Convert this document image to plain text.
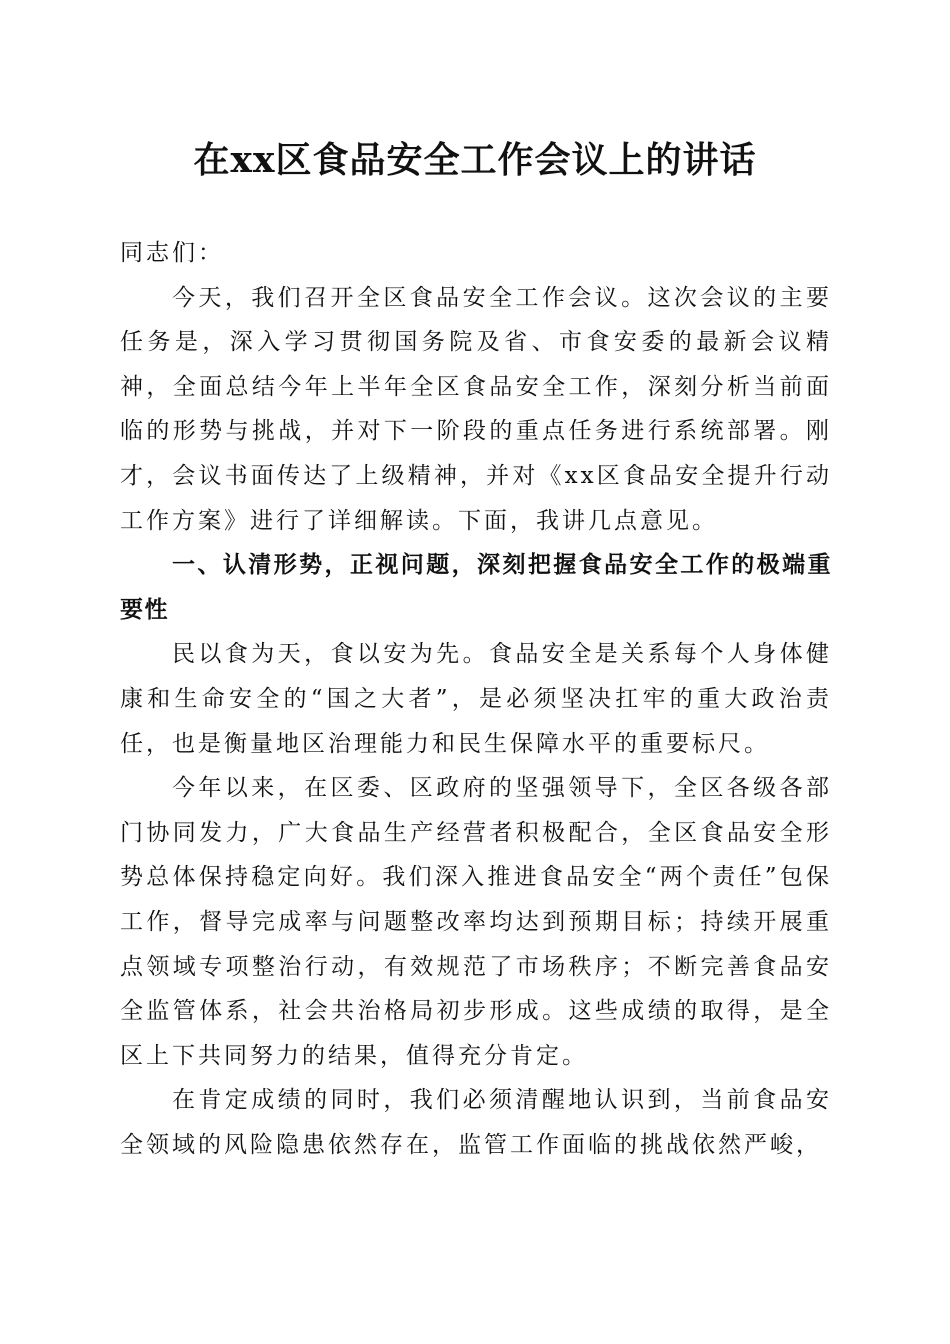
在xx区食品安全工作会议上的讲话

同志们：

今天，我们召开全区食品安全工作会议。这次会议的主要任务是，深入学习贯彻国务院及省、市食安委的最新会议精神，全面总结今年上半年全区食品安全工作，深刻分析当前面临的形势与挑战，并对下一阶段的重点任务进行系统部署。刚才，会议书面传达了上级精神，并对《xx区食品安全提升行动工作方案》进行了详细解读。下面，我讲几点意见。

一、认清形势，正视问题，深刻把握食品安全工作的极端重要性

民以食为天，食以安为先。食品安全是关系每个人身体健康和生命安全的“国之大者”，是必须坚决扛牢的重大政治责任，也是衡量地区治理能力和民生保障水平的重要标尺。

今年以来，在区委、区政府的坚强领导下，全区各级各部门协同发力，广大食品生产经营者积极配合，全区食品安全形势总体保持稳定向好。我们深入推进食品安全“两个责任”包保工作，督导完成率与问题整改率均达到预期目标；持续开展重点领域专项整治行动，有效规范了市场秩序；不断完善食品安全监管体系，社会共治格局初步形成。这些成绩的取得，是全区上下共同努力的结果，值得充分肯定。

在肯定成绩的同时，我们必须清醒地认识到，当前食品安全领域的风险隐患依然存在，监管工作面临的挑战依然严峻，
